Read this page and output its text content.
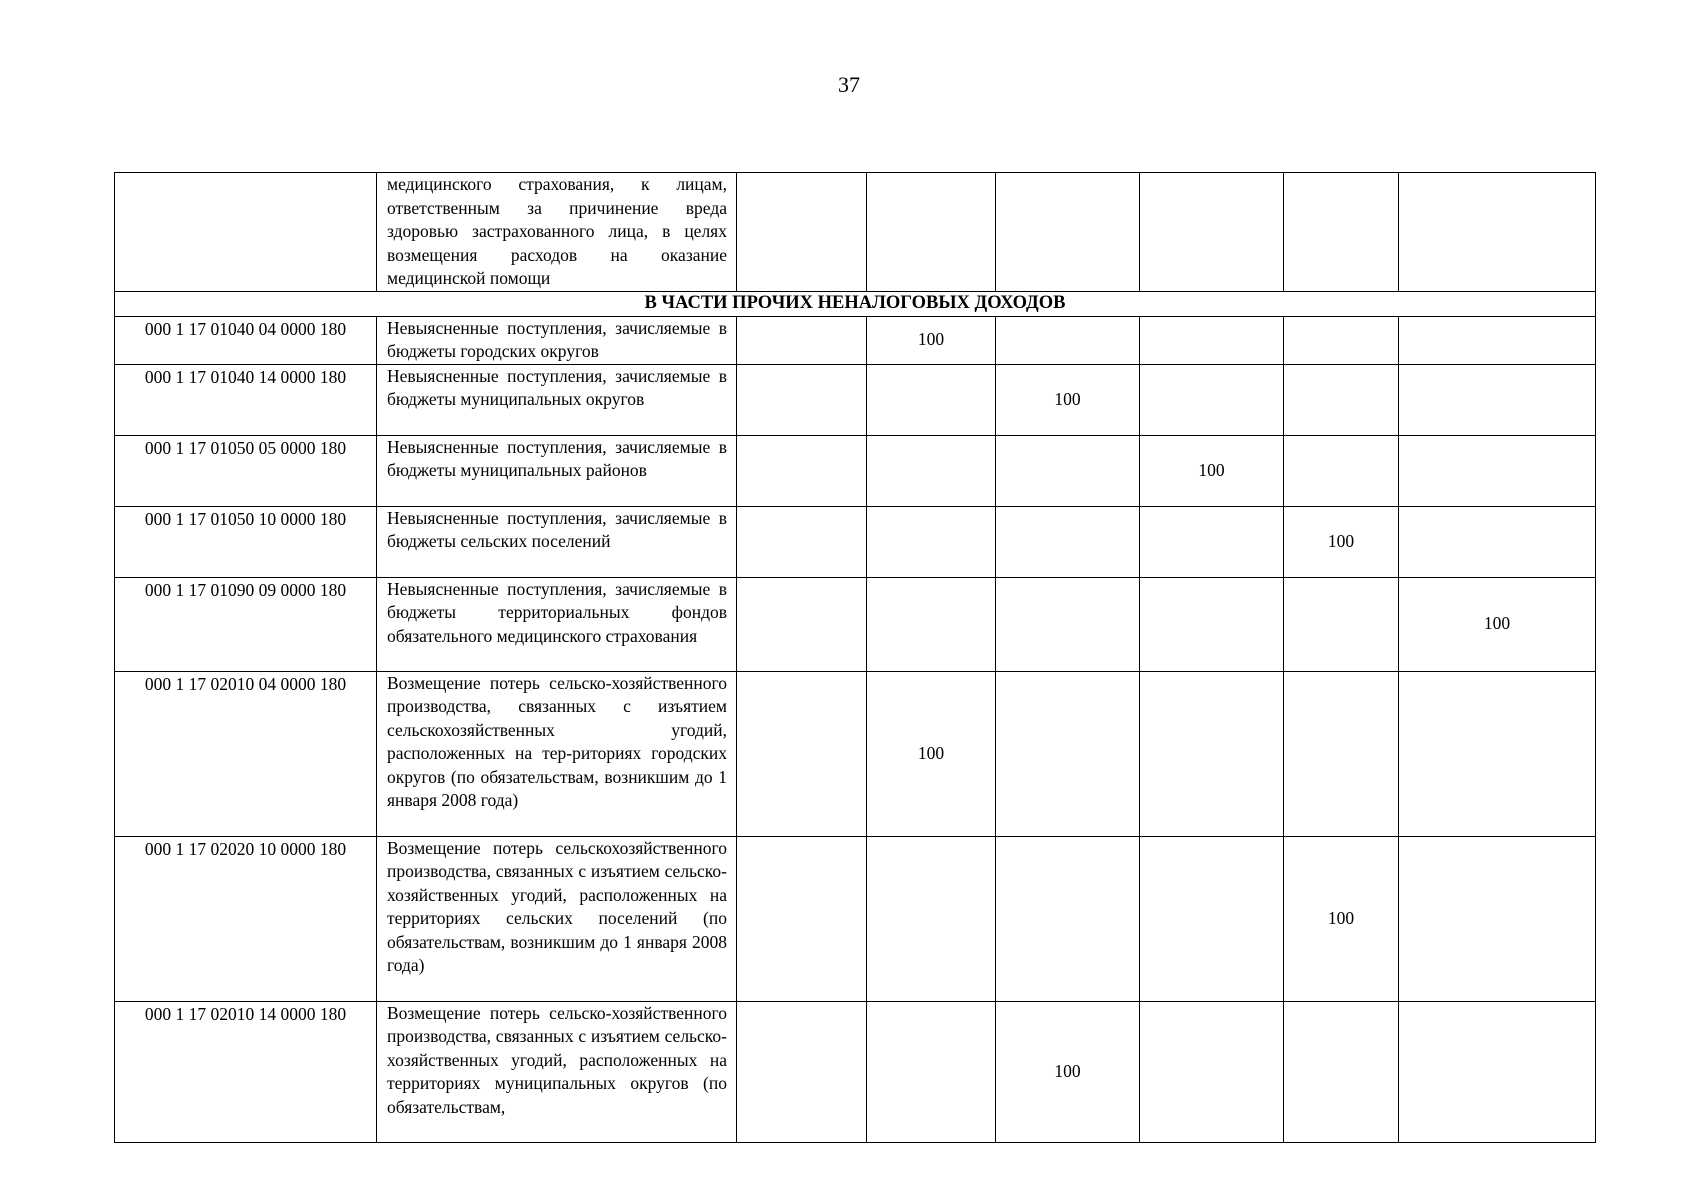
37
	медицинского страхования, к лицам, ответственным за причинение вреда здоровью застрахованного лица, в целях возмещения расходов на оказание медицинской помощи						
В ЧАСТИ ПРОЧИХ НЕНАЛОГОВЫХ ДОХОДОВ							
000 1 17 01040 04 0000 180	Невыясненные поступления, зачисляемые в бюджеты городских округов		100				
000 1 17 01040 14 0000 180	Невыясненные поступления, зачисляемые в бюджеты муниципальных округов			100			
000 1 17 01050 05 0000 180	Невыясненные поступления, зачисляемые в бюджеты муниципальных районов				100		
000 1 17 01050 10 0000 180	Невыясненные поступления, зачисляемые в бюджеты сельских поселений					100	
000 1 17 01090 09 0000 180	Невыясненные поступления, зачисляемые в бюджеты территориальных фондов обязательного медицинского страхования						100
000 1 17 02010 04 0000 180	Возмещение потерь сельско-хозяйственного производства, связанных с изъятием сельскохозяйственных угодий, расположенных на тер-риториях городских округов (по обязательствам, возникшим до 1 января 2008 года)		100				
000 1 17 02020 10 0000 180	Возмещение потерь сельскохозяйственного производства, связанных с изъятием сельско-хозяйственных угодий, расположенных на территориях сельских поселений (по обязательствам, возникшим до 1 января 2008 года)					100	
000 1 17 02010 14 0000 180	Возмещение потерь сельско-хозяйственного производства, связанных с изъятием сельско-хозяйственных угодий, расположенных на территориях муниципальных округов (по обязательствам,			100			
